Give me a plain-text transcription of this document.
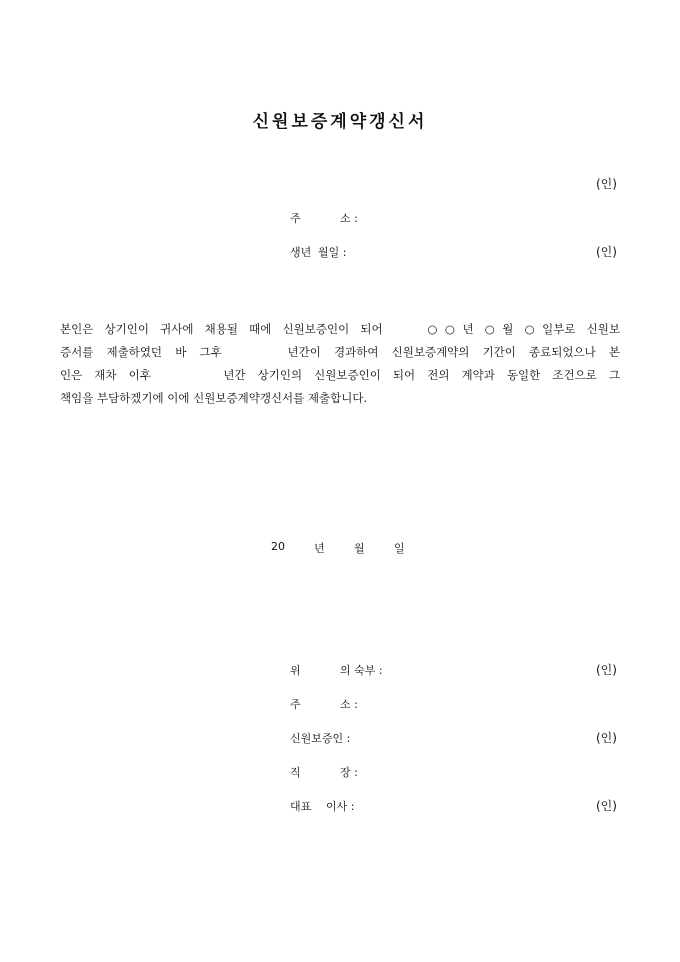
신원보증계약갱신서
(인)
주	소 :
생년 월일 :	(인)
본인은 상기인이 귀사에 채용될 때에 신원보증인이 되어    ○○년 ○월 ○일부로 신원보
증서를 제출하였던 바 그후     년간이 경과하여 신원보증계약의 기간이 종료되었으나 본
인은 재차 이후      년간 상기인의 신원보증인이 되어 전의 계약과 동일한 조건으로 그
책임을 부담하겠기에 이에 신원보증계약갱신서를 제출합니다.
20	년	월	일
위	의 숙부 :	(인)
주	소 :
신원보증인 :	(인)
직	장 :
대표 이사 :	(인)
